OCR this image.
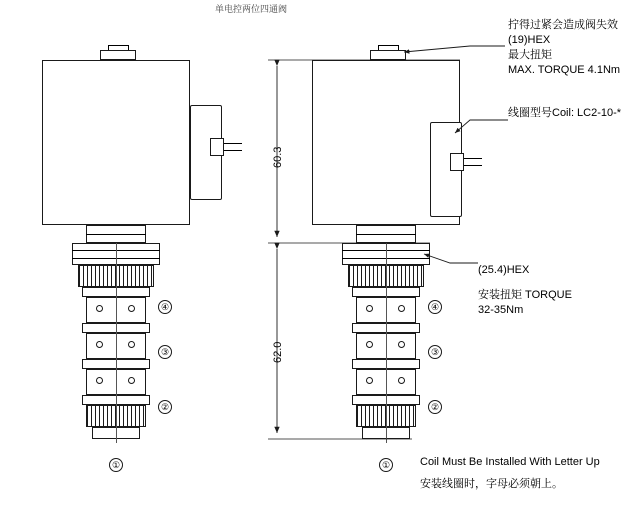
单电控两位四通阀
④
③
②
①
④
③
②
①
60.3
62.0
拧得过紧会造成阀失效
(19)HEX
最大扭矩
MAX. TORQUE 4.1Nm
线圈型号Coil: LC2-10-*
(25.4)HEX
安装扭矩 TORQUE
32-35Nm
Coil Must Be Installed With Letter Up
安装线圈时，字母必须朝上。
